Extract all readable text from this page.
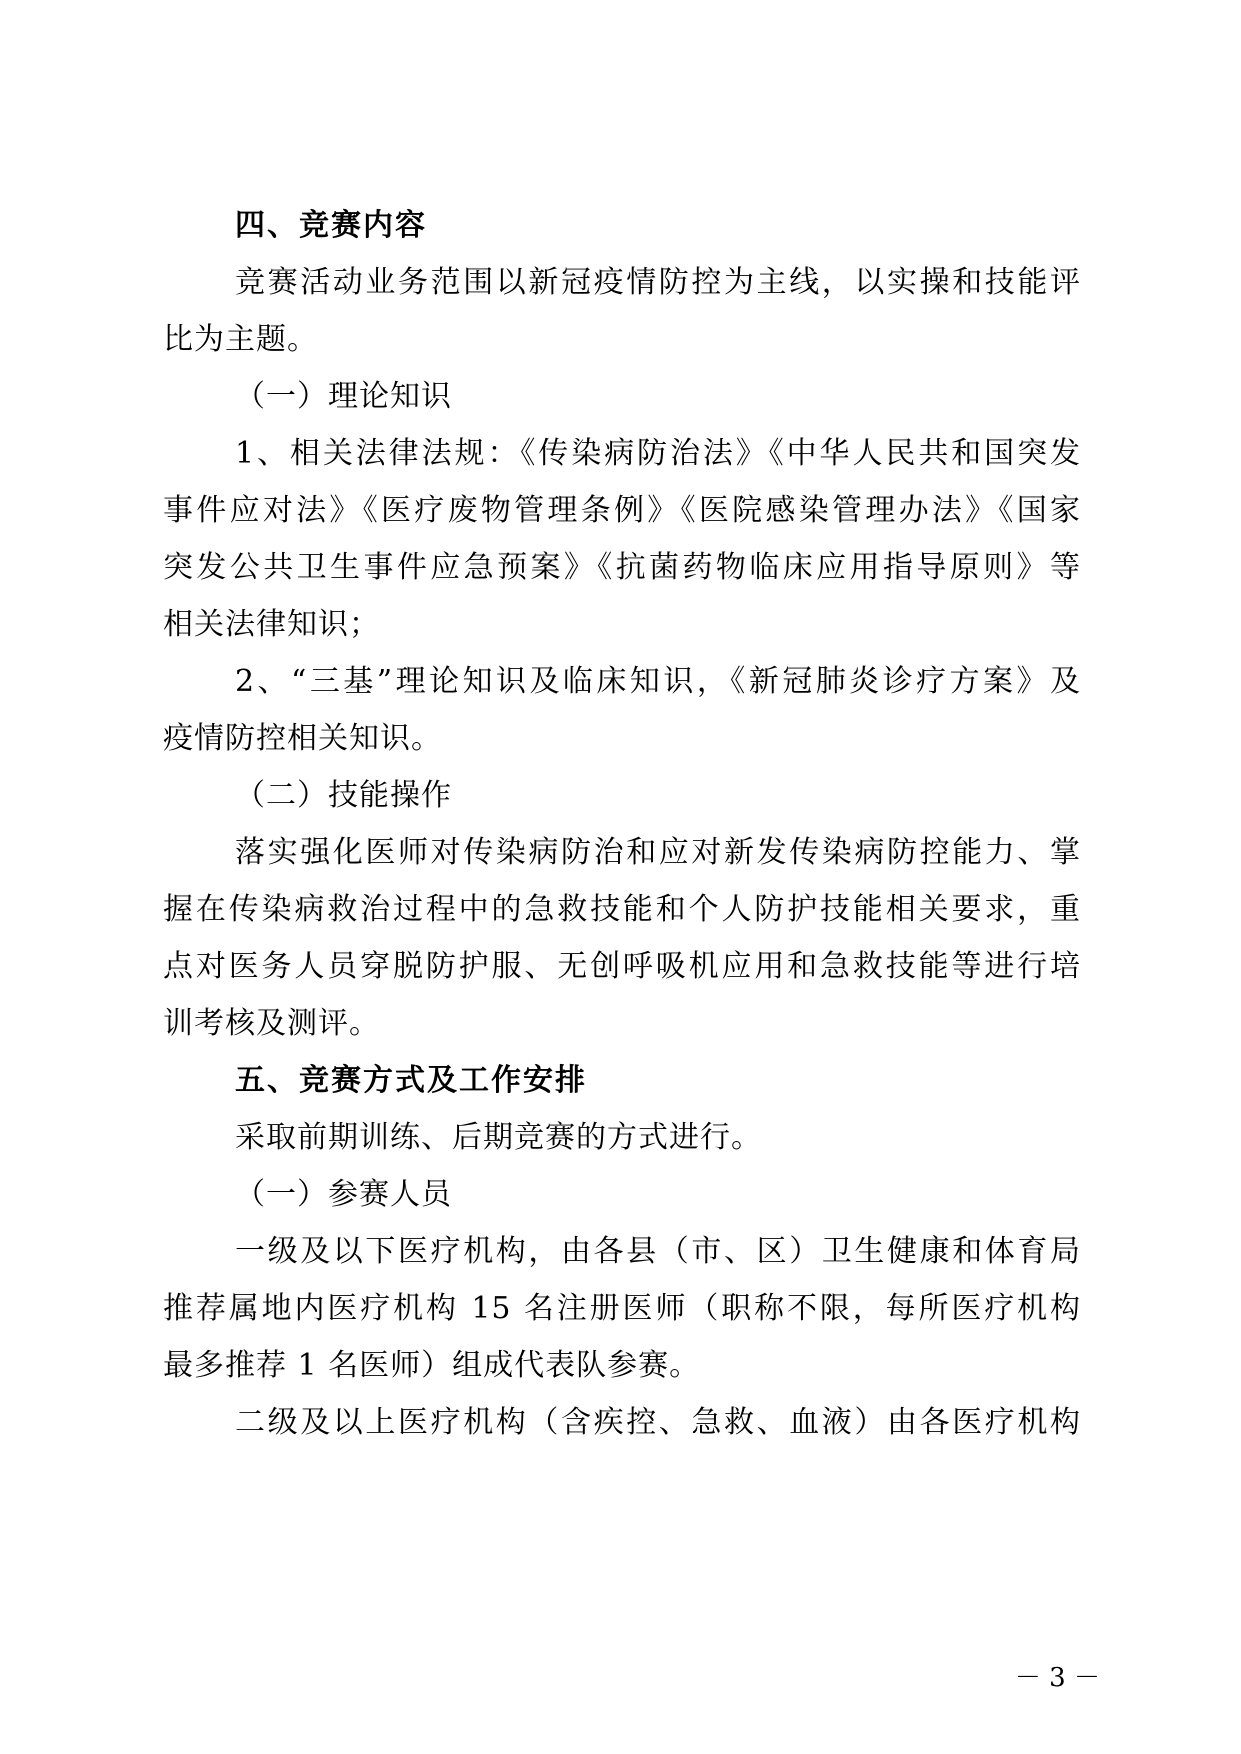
四、竞赛内容
竞赛活动业务范围以新冠疫情防控为主线，以实操和技能评
比为主题。
（一）理论知识
1、相关法律法规：《传染病防治法》《中华人民共和国突发
事件应对法》《医疗废物管理条例》《医院感染管理办法》《国家
突发公共卫生事件应急预案》《抗菌药物临床应用指导原则》等
相关法律知识；
2、“三基”理论知识及临床知识，《新冠肺炎诊疗方案》及
疫情防控相关知识。
（二）技能操作
落实强化医师对传染病防治和应对新发传染病防控能力、掌
握在传染病救治过程中的急救技能和个人防护技能相关要求，重
点对医务人员穿脱防护服、无创呼吸机应用和急救技能等进行培
训考核及测评。
五、竞赛方式及工作安排
采取前期训练、后期竞赛的方式进行。
（一）参赛人员
一级及以下医疗机构，由各县（市、区）卫生健康和体育局
推荐属地内医疗机构 15 名注册医师（职称不限，每所医疗机构
最多推荐 1 名医师）组成代表队参赛。
二级及以上医疗机构（含疾控、急救、血液）由各医疗机构
－ 3 －
